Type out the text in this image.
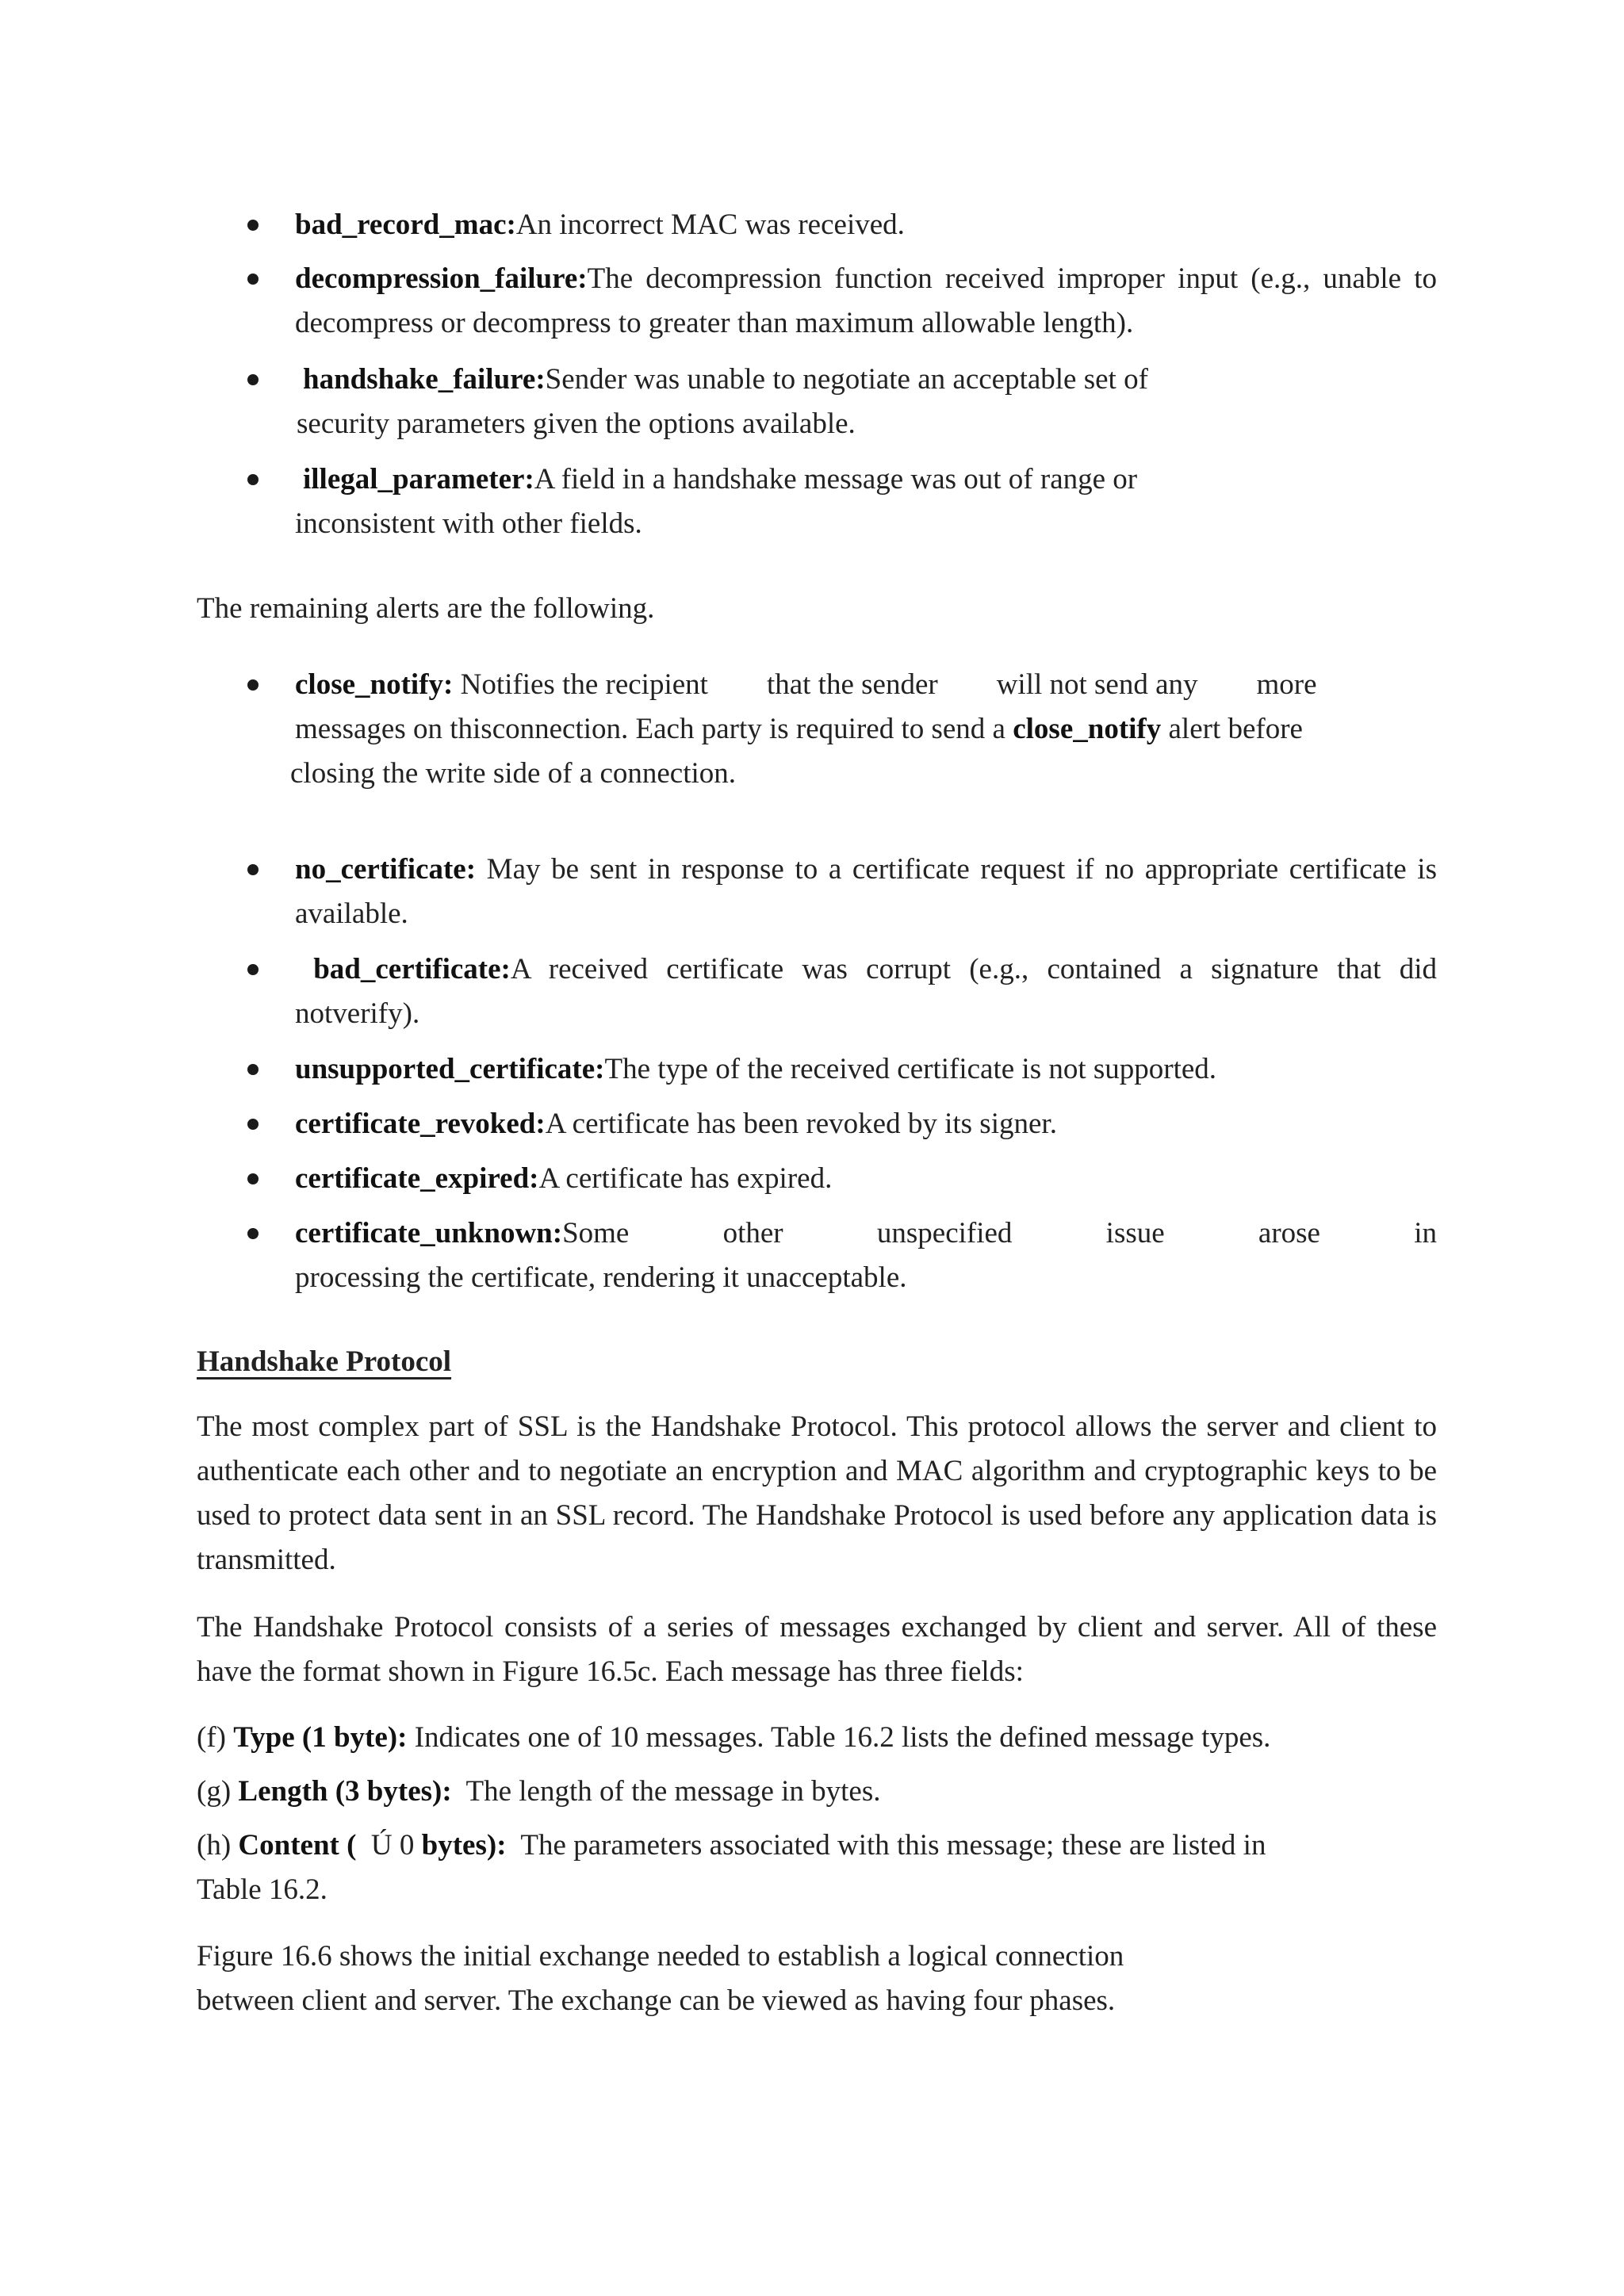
bad_record_mac:An incorrect MAC was received.
decompression_failure:The decompression function received improper input (e.g., unable to decompress or decompress to greater than maximum allowable length).
handshake_failure:Sender was unable to negotiate an acceptable set of
security parameters given the options available.
illegal_parameter:A field in a handshake message was out of range or
inconsistent with other fields.
The remaining alerts are the following.
close_notify: Notifies the recipient        that the sender        will not send any        more
messages on thisconnection. Each party is required to send a close_notify alert before
closing the write side of a connection.
no_certificate: May be sent in response to a certificate request if no appropriate certificate is available.
bad_certificate:A received certificate was corrupt (e.g., contained a signature that did notverify).
unsupported_certificate:The type of the received certificate is not supported.
certificate_revoked:A certificate has been revoked by its signer.
certificate_expired:A certificate has expired.
certificate_unknown:Some other unspecified issue arose in
processing the certificate, rendering it unacceptable.
Handshake Protocol
The most complex part of SSL is the Handshake Protocol. This protocol allows the server and client to authenticate each other and to negotiate an encryption and MAC algorithm and cryptographic keys to be used to protect data sent in an SSL record. The Handshake Protocol is used before any application data is transmitted.
The Handshake Protocol consists of a series of messages exchanged by client and server. All of these have the format shown in Figure 16.5c. Each message has three fields:
(f) Type (1 byte): Indicates one of 10 messages. Table 16.2 lists the defined message types.
(g) Length (3 bytes):  The length of the message in bytes.
(h) Content (  Ú 0 bytes):  The parameters associated with this message; these are listed in
Table 16.2.
Figure 16.6 shows the initial exchange needed to establish a logical connection
between client and server. The exchange can be viewed as having four phases.
